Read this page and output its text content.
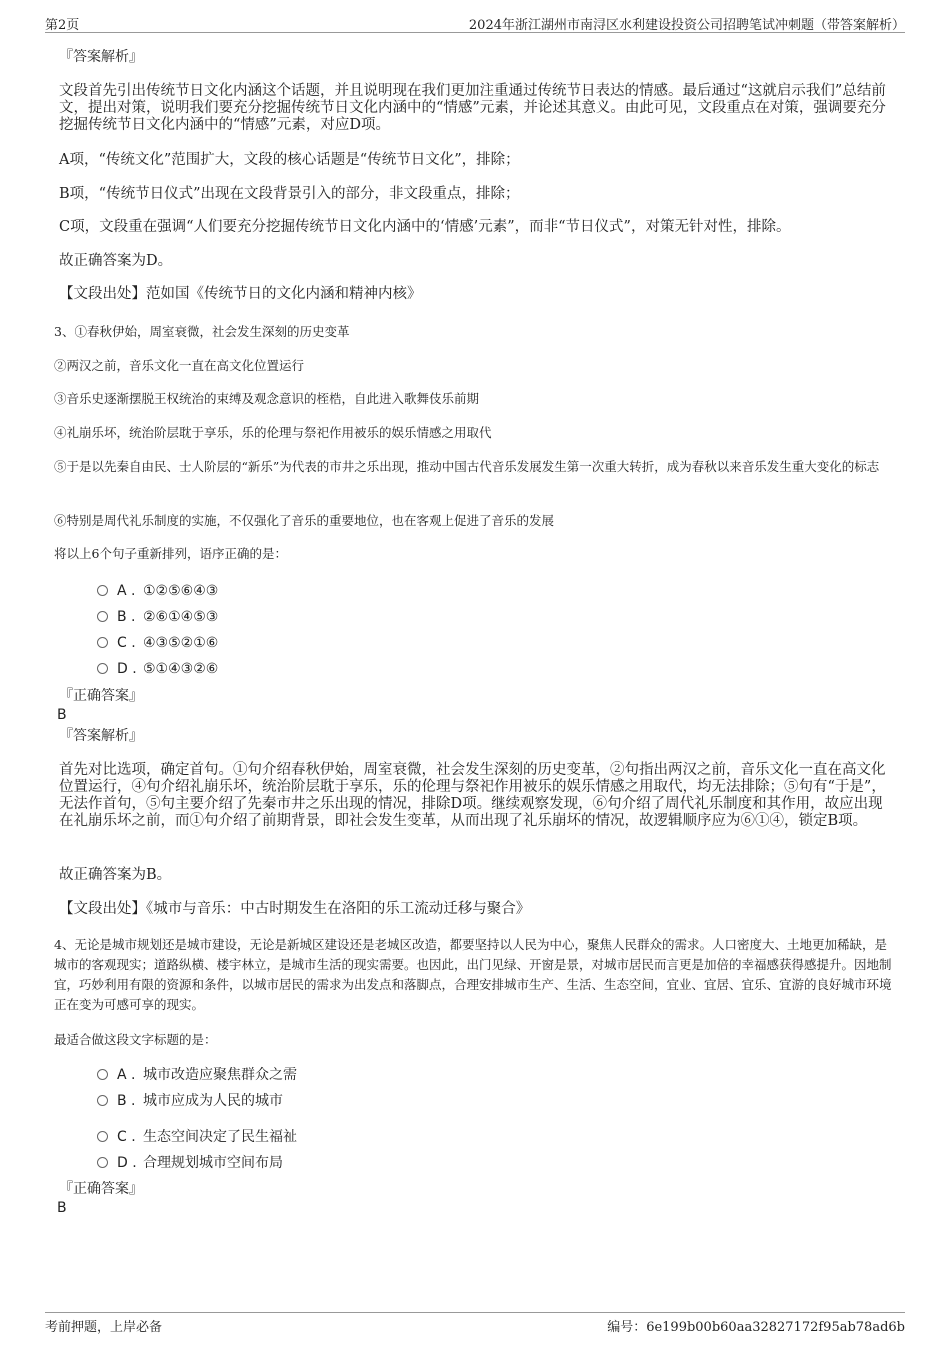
第2页	2024年浙江湖州市南浔区水利建设投资公司招聘笔试冲刺题（带答案解析）
『答案解析』
文段首先引出传统节日文化内涵这个话题，并且说明现在我们更加注重通过传统节日表达的情感。最后通过“这就启示我们”总结前文，提出对策，说明我们要充分挖掘传统节日文化内涵中的“情感”元素，并论述其意义。由此可见，文段重点在对策，强调要充分挖掘传统节日文化内涵中的“情感”元素，对应D项。
A项，“传统文化”范围扩大，文段的核心话题是“传统节日文化”，排除；
B项，“传统节日仪式”出现在文段背景引入的部分，非文段重点，排除；
C项，文段重在强调“人们要充分挖掘传统节日文化内涵中的‘情感’元素”，而非“节日仪式”，对策无针对性，排除。
故正确答案为D。
【文段出处】范如国《传统节日的文化内涵和精神内核》
3、①春秋伊始，周室衰微，社会发生深刻的历史变革
②两汉之前，音乐文化一直在高文化位置运行
③音乐史逐渐摆脱王权统治的束缚及观念意识的桎梏，自此进入歌舞伎乐前期
④礼崩乐坏，统治阶层耽于享乐，乐的伦理与祭祀作用被乐的娱乐情感之用取代
⑤于是以先秦自由民、士人阶层的“新乐”为代表的市井之乐出现，推动中国古代音乐发展发生第一次重大转折，成为春秋以来音乐发生重大变化的标志
⑥特别是周代礼乐制度的实施，不仅强化了音乐的重要地位，也在客观上促进了音乐的发展
将以上6个句子重新排列，语序正确的是：
A . ①②⑤⑥④③
B . ②⑥①④⑤③
C . ④③⑤②①⑥
D . ⑤①④③②⑥
『正确答案』
B
『答案解析』
首先对比选项，确定首句。①句介绍春秋伊始，周室衰微，社会发生深刻的历史变革，②句指出两汉之前，音乐文化一直在高文化位置运行，④句介绍礼崩乐坏，统治阶层耽于享乐，乐的伦理与祭祀作用被乐的娱乐情感之用取代，均无法排除；⑤句有“于是”，无法作首句，⑤句主要介绍了先秦市井之乐出现的情况，排除D项。继续观察发现，⑥句介绍了周代礼乐制度和其作用，故应出现在礼崩乐坏之前，而①句介绍了前期背景，即社会发生变革，从而出现了礼乐崩坏的情况，故逻辑顺序应为⑥①④，锁定B项。
故正确答案为B。
【文段出处】《城市与音乐：中古时期发生在洛阳的乐工流动迁移与聚合》
4、无论是城市规划还是城市建设，无论是新城区建设还是老城区改造，都要坚持以人民为中心，聚焦人民群众的需求。人口密度大、土地更加稀缺，是城市的客观现实；道路纵横、楼宇林立，是城市生活的现实需要。也因此，出门见绿、开窗是景，对城市居民而言更是加倍的幸福感获得感提升。因地制宜，巧妙利用有限的资源和条件，以城市居民的需求为出发点和落脚点，合理安排城市生产、生活、生态空间，宜业、宜居、宜乐、宜游的良好城市环境正在变为可感可享的现实。
最适合做这段文字标题的是：
A . 城市改造应聚焦群众之需
B . 城市应成为人民的城市
C . 生态空间决定了民生福祉
D . 合理规划城市空间布局
『正确答案』
B
考前押题，上岸必备	编号：6e199b00b60aa32827172f95ab78ad6b
